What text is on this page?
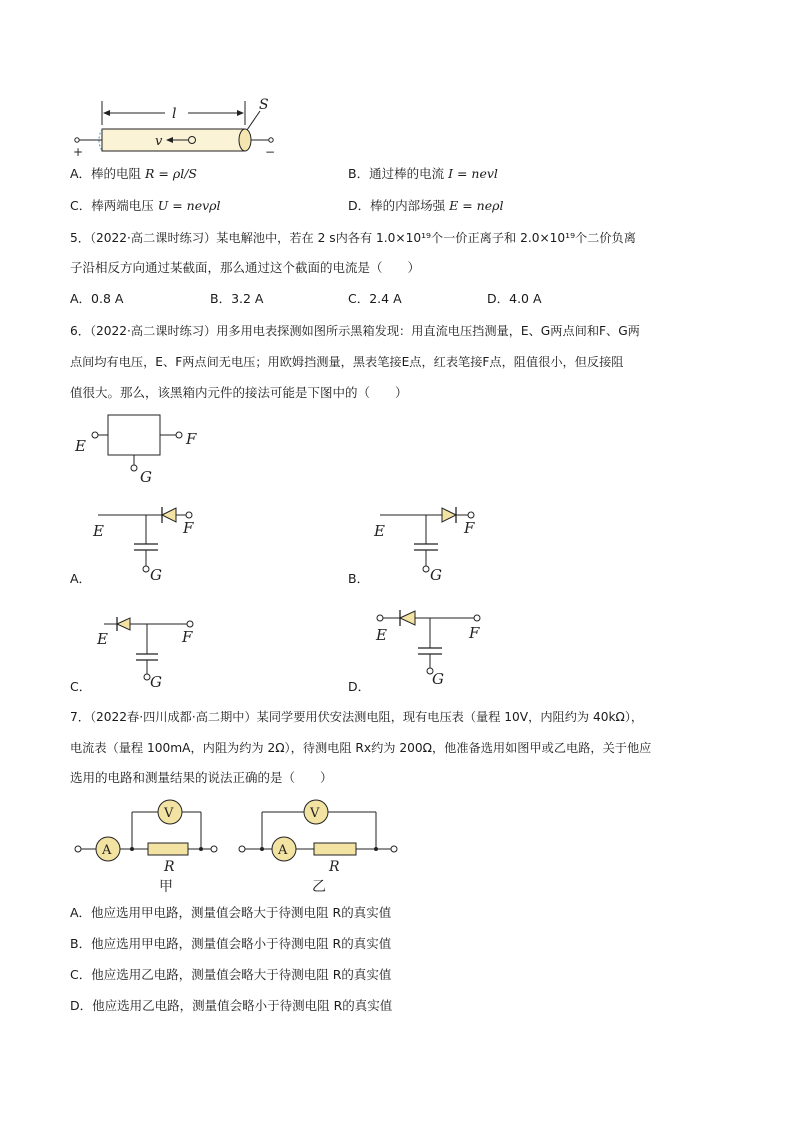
l
+	−
v
S
A．棒的电阻 R = ρl/S	B．通过棒的电流 I = nevl
C．棒两端电压 U = nevρl	D．棒的内部场强 E = neρl
5．（2022·高二课时练习）某电解池中，若在 2 s内各有 1.0×10¹⁹个一价正离子和 2.0×10¹⁹个二价负离
子沿相反方向通过某截面，那么通过这个截面的电流是（　　）
A．0.8 A	B．3.2 A	C．2.4 A	D．4.0 A
6．（2022·高二课时练习）用多用电表探测如图所示黑箱发现：用直流电压挡测量，E、G两点间和F、G两
点间均有电压，E、F两点间无电压；用欧姆挡测量，黑表笔接E点，红表笔接F点，阻值很小，但反接阻
值很大。那么，该黑箱内元件的接法可能是下图中的（　　）
E	F
G
E	F
G
A．
E	F
G
B．
E	F
G
C．
E	F
G
D．
7．（2022春·四川成都·高二期中）某同学要用伏安法测电阻，现有电压表（量程 10V，内阻约为 40kΩ），
电流表（量程 100mA，内阻为约为 2Ω），待测电阻 Rx约为 200Ω，他准备选用如图甲或乙电路，关于他应
选用的电路和测量结果的说法正确的是（　　）
A
V
R
甲
A
V
R
乙
A．他应选用甲电路，测量值会略大于待测电阻 R的真实值
B．他应选用甲电路，测量值会略小于待测电阻 R的真实值
C．他应选用乙电路，测量值会略大于待测电阻 R的真实值
D．他应选用乙电路，测量值会略小于待测电阻 R的真实值
